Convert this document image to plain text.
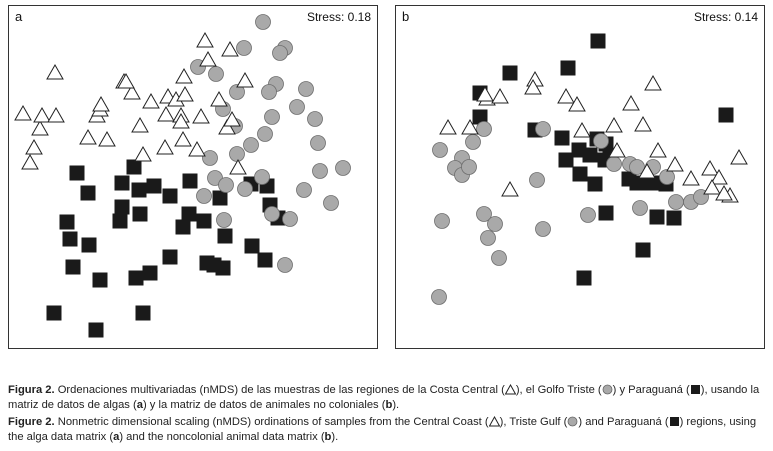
a	Stress: 0.18 b	Stress: 0.14
Figura 2. Ordenaciones multivariadas (nMDS) de las muestras de las regiones de la Costa Central ( ), el Golfo Triste ( ) y Paraguaná ( ), usando la matriz de datos de algas (a) y la matriz de datos de animales no coloniales (b).
Figure 2. Nonmetric dimensional scaling (nMDS) ordinations of samples from the Central Coast ( ), Triste Gulf ( ) and Paraguaná ( ) regions, using the alga data matrix (a) and the noncolonial animal data matrix (b).
